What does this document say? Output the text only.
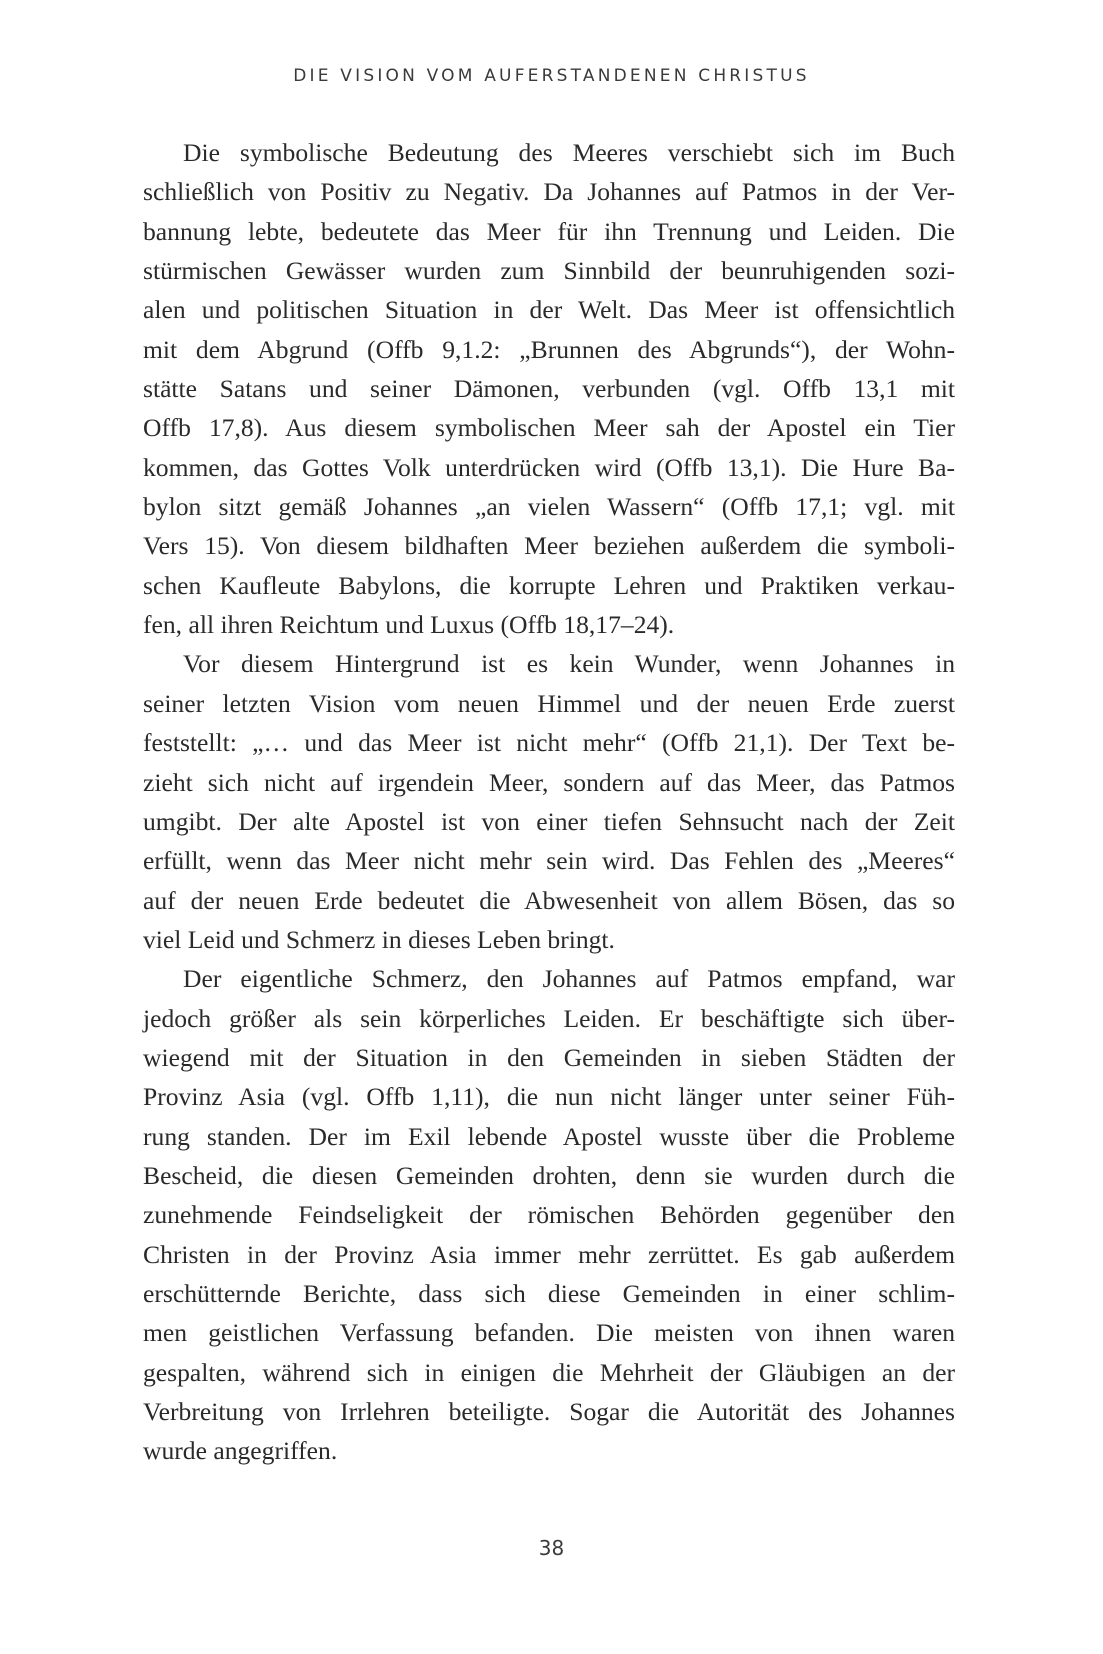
DIE VISION VOM AUFERSTANDENEN CHRISTUS
Die symbolische Bedeutung des Meeres verschiebt sich im Buch
schließlich von Positiv zu Negativ. Da Johannes auf Patmos in der Ver-
bannung lebte, bedeutete das Meer für ihn Trennung und Leiden. Die
stürmischen Gewässer wurden zum Sinnbild der beunruhigenden sozi-
alen und politischen Situation in der Welt. Das Meer ist offensichtlich
mit dem Abgrund (Offb 9,1.2: „Brunnen des Abgrunds“), der Wohn-
stätte Satans und seiner Dämonen, verbunden (vgl. Offb 13,1 mit
Offb 17,8). Aus diesem symbolischen Meer sah der Apostel ein Tier
kommen, das Gottes Volk unterdrücken wird (Offb 13,1). Die Hure Ba-
bylon sitzt gemäß Johannes „an vielen Wassern“ (Offb 17,1; vgl. mit
Vers 15). Von diesem bildhaften Meer beziehen außerdem die symboli-
schen Kaufleute Babylons, die korrupte Lehren und Praktiken verkau-
fen, all ihren Reichtum und Luxus (Offb 18,17–24).
Vor diesem Hintergrund ist es kein Wunder, wenn Johannes in
seiner letzten Vision vom neuen Himmel und der neuen Erde zuerst
feststellt: „… und das Meer ist nicht mehr“ (Offb 21,1). Der Text be-
zieht sich nicht auf irgendein Meer, sondern auf das Meer, das Patmos
umgibt. Der alte Apostel ist von einer tiefen Sehnsucht nach der Zeit
erfüllt, wenn das Meer nicht mehr sein wird. Das Fehlen des „Meeres“
auf der neuen Erde bedeutet die Abwesenheit von allem Bösen, das so
viel Leid und Schmerz in dieses Leben bringt.
Der eigentliche Schmerz, den Johannes auf Patmos empfand, war
jedoch größer als sein körperliches Leiden. Er beschäftigte sich über-
wiegend mit der Situation in den Gemeinden in sieben Städten der
Provinz Asia (vgl. Offb 1,11), die nun nicht länger unter seiner Füh-
rung standen. Der im Exil lebende Apostel wusste über die Probleme
Bescheid, die diesen Gemeinden drohten, denn sie wurden durch die
zunehmende Feindseligkeit der römischen Behörden gegenüber den
Christen in der Provinz Asia immer mehr zerrüttet. Es gab außerdem
erschütternde Berichte, dass sich diese Gemeinden in einer schlim-
men geistlichen Verfassung befanden. Die meisten von ihnen waren
gespalten, während sich in einigen die Mehrheit der Gläubigen an der
Verbreitung von Irrlehren beteiligte. Sogar die Autorität des Johannes
wurde angegriffen.
38
